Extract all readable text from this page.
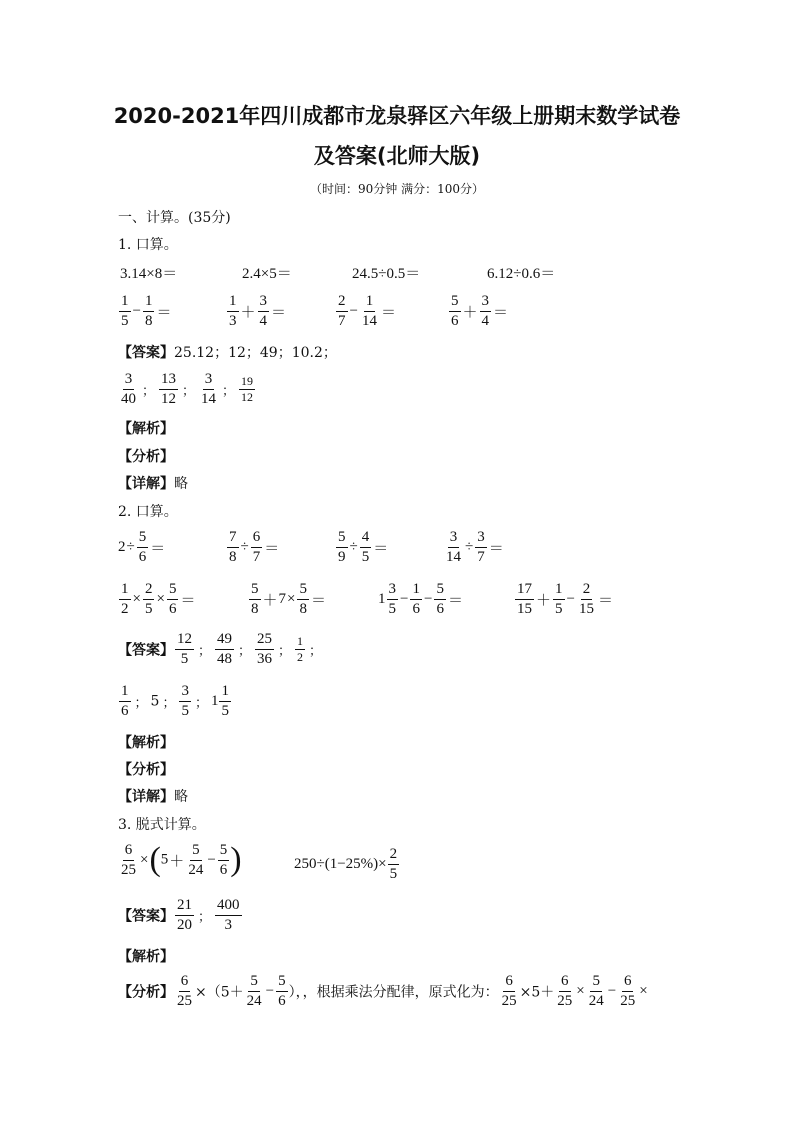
2020-2021年四川成都市龙泉驿区六年级上册期末数学试卷
及答案(北师大版)
（时间：90分钟 满分：100分）
一、计算。(35分)
1. 口算。
3.14×8＝	2.4×5＝	24.5÷0.5＝	6.12÷0.6＝
$\frac{1}{5} - \frac{1}{8}$ ＝	$\frac{1}{3} + \frac{3}{4}$ ＝	$\frac{2}{7} - \frac{1}{14}$ ＝	$\frac{5}{6} + \frac{3}{4}$ ＝
【答案】25.12；12；49；10.2；
$\frac{3}{40}$ ； $\frac{13}{12}$ ； $\frac{3}{14}$ ； $\frac{19}{12}$
【解析】
【分析】
【详解】略
2. 口算。
$2\div \frac{5}{6}$ ＝	$\frac{7}{8} \div \frac{6}{7}$ ＝	$\frac{5}{9} \div \frac{4}{5}$ ＝	$\frac{3}{14} \div \frac{3}{7}$ ＝
$\frac{1}{2} \times \frac{2}{5} \times \frac{5}{6}$ ＝	$\frac{5}{8} +7\times \frac{5}{8}$ ＝	$1 \frac{3}{5} - \frac{1}{6} - \frac{5}{6}$ ＝	$\frac{17}{15} + \frac{1}{5} - \frac{2}{15}$ ＝
【答案】 $\frac{12}{5}$ ； $\frac{49}{48}$ ； $\frac{25}{36}$ ； $\frac{1}{2}$ ；
$\frac{1}{6}$ ； 5 ； $\frac{3}{5}$ ； $1 \frac{1}{5}$
【解析】
【分析】
【详解】略
3. 脱式计算。
$\frac{6}{25} \times(5+ \frac{5}{24} - \frac{5}{6}$ )	$250\div(1-25\%)\times \frac{2}{5}$
【答案】 $\frac{21}{20}$ ； $\frac{400}{3}$
【解析】
【分析】 $\frac{6}{25} \times(5+ \frac{5}{24} - \frac{5}{6}$ ），，根据乘法分配律，原式化为： $\frac{6}{25} \times 5+ \frac{6}{25} \times \frac{5}{24} - \frac{6}{25}$ ×
